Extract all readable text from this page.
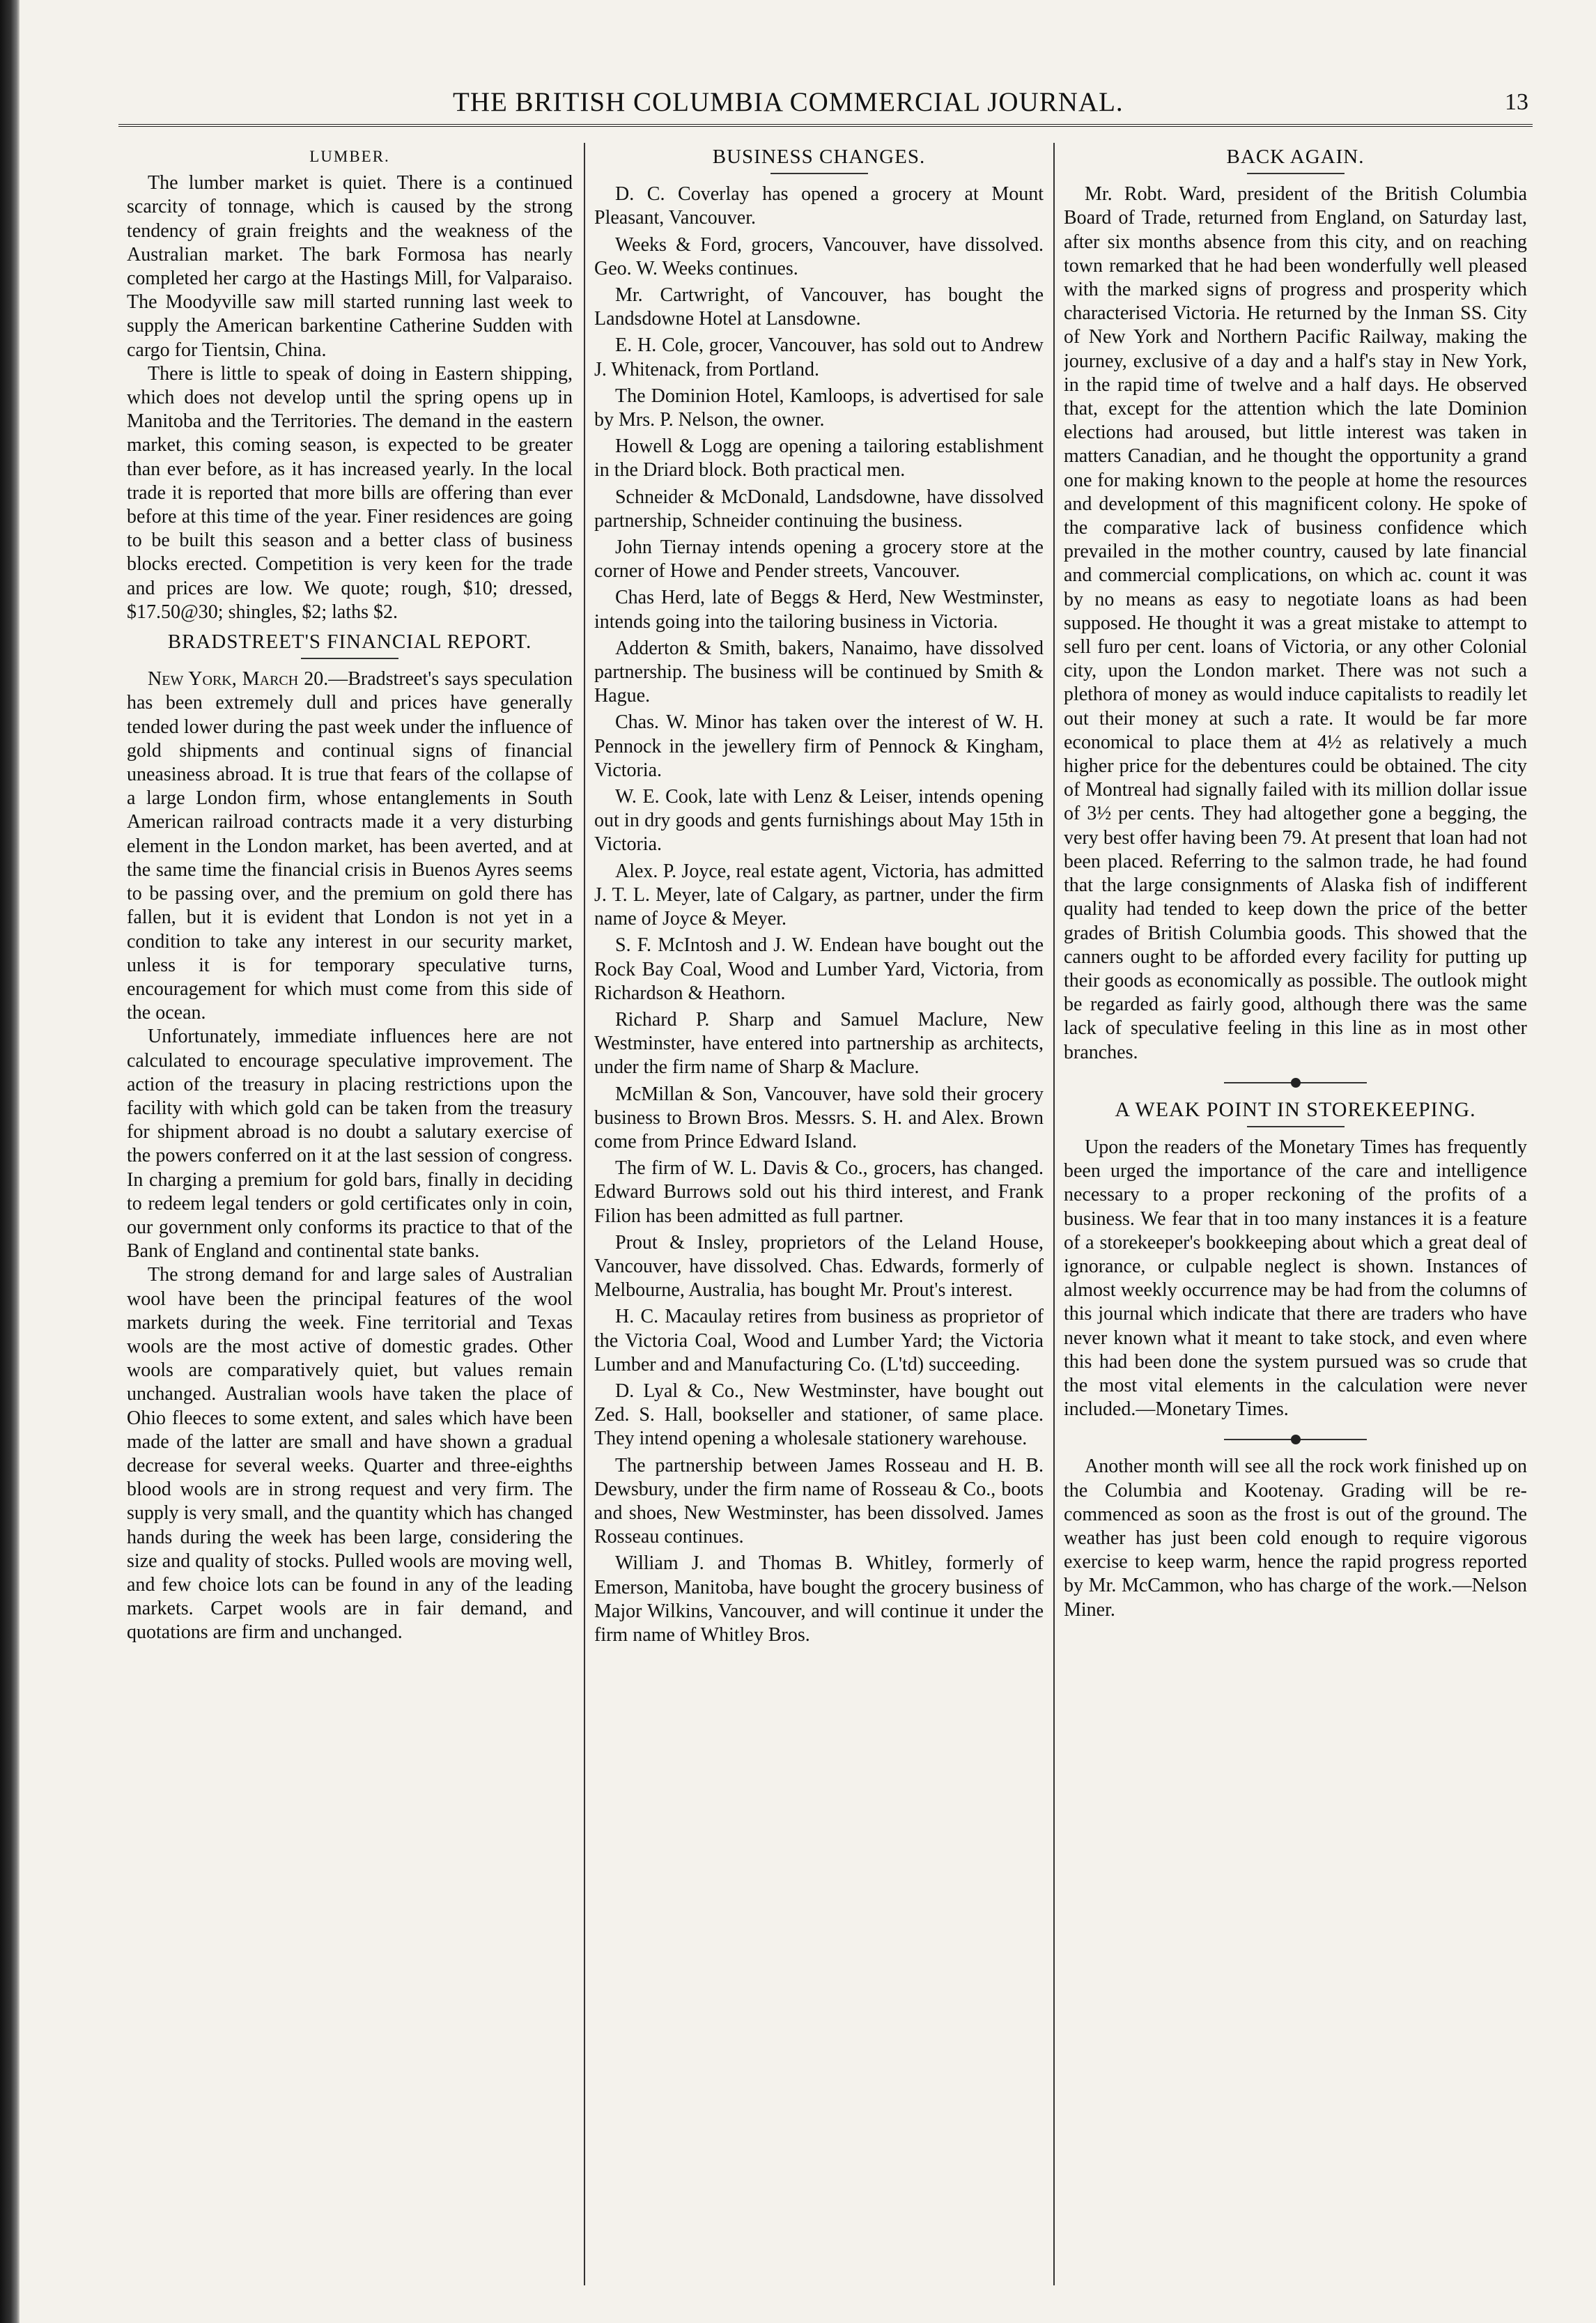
THE BRITISH COLUMBIA COMMERCIAL JOURNAL.	13
LUMBER.

The lumber market is quiet. There is a continued scarcity of tonnage, which is caused by the strong tendency of grain freights and the weakness of the Australian market. The bark Formosa has nearly completed her cargo at the Hastings Mill, for Valparaiso. The Moodyville saw mill started running last week to supply the American barkentine Catherine Sudden with cargo for Tientsin, China.

There is little to speak of doing in Eastern shipping, which does not develop until the spring opens up in Manitoba and the Territories. The demand in the eastern market, this coming season, is expected to be greater than ever before, as it has increased yearly. In the local trade it is reported that more bills are offering than ever before at this time of the year. Finer residences are going to be built this season and a better class of business blocks erected. Competition is very keen for the trade and prices are low. We quote; rough, $10; dressed, $17.50@30; shingles, $2; laths $2.

BRADSTREET'S FINANCIAL REPORT.

New York, March 20.—Bradstreet's says speculation has been extremely dull and prices have generally tended lower during the past week under the influence of gold shipments and continual signs of financial uneasiness abroad. It is true that fears of the collapse of a large London firm, whose entanglements in South American railroad contracts made it a very disturbing element in the London market, has been averted, and at the same time the financial crisis in Buenos Ayres seems to be passing over, and the premium on gold there has fallen, but it is evident that London is not yet in a condition to take any interest in our security market, unless it is for temporary speculative turns, encouragement for which must come from this side of the ocean.

Unfortunately, immediate influences here are not calculated to encourage speculative improvement. The action of the treasury in placing restrictions upon the facility with which gold can be taken from the treasury for shipment abroad is no doubt a salutary exercise of the powers conferred on it at the last session of congress. In charging a premium for gold bars, finally in deciding to redeem legal tenders or gold certificates only in coin, our government only conforms its practice to that of the Bank of England and continental state banks.

The strong demand for and large sales of Australian wool have been the principal features of the wool markets during the week. Fine territorial and Texas wools are the most active of domestic grades. Other wools are comparatively quiet, but values remain unchanged. Australian wools have taken the place of Ohio fleeces to some extent, and sales which have been made of the latter are small and have shown a gradual decrease for several weeks. Quarter and three-eighths blood wools are in strong request and very firm. The supply is very small, and the quantity which has changed hands during the week has been large, considering the size and quality of stocks. Pulled wools are moving well, and few choice lots can be found in any of the leading markets. Carpet wools are in fair demand, and quotations are firm and unchanged.

BUSINESS CHANGES.

D. C. Coverlay has opened a grocery at Mount Pleasant, Vancouver.

Weeks & Ford, grocers, Vancouver, have dissolved. Geo. W. Weeks continues.

Mr. Cartwright, of Vancouver, has bought the Landsdowne Hotel at Lansdowne.

E. H. Cole, grocer, Vancouver, has sold out to Andrew J. Whitenack, from Portland.

The Dominion Hotel, Kamloops, is advertised for sale by Mrs. P. Nelson, the owner.

Howell & Logg are opening a tailoring establishment in the Driard block. Both practical men.

Schneider & McDonald, Landsdowne, have dissolved partnership, Schneider continuing the business.

John Tiernay intends opening a grocery store at the corner of Howe and Pender streets, Vancouver.

Chas Herd, late of Beggs & Herd, New Westminster, intends going into the tailoring business in Victoria.

Adderton & Smith, bakers, Nanaimo, have dissolved partnership. The business will be continued by Smith & Hague.

Chas. W. Minor has taken over the interest of W. H. Pennock in the jewellery firm of Pennock & Kingham, Victoria.

W. E. Cook, late with Lenz & Leiser, intends opening out in dry goods and gents furnishings about May 15th in Victoria.

Alex. P. Joyce, real estate agent, Victoria, has admitted J. T. L. Meyer, late of Calgary, as partner, under the firm name of Joyce & Meyer.

S. F. McIntosh and J. W. Endean have bought out the Rock Bay Coal, Wood and Lumber Yard, Victoria, from Richardson & Heathorn.

Richard P. Sharp and Samuel Maclure, New Westminster, have entered into partnership as architects, under the firm name of Sharp & Maclure.

McMillan & Son, Vancouver, have sold their grocery business to Brown Bros. Messrs. S. H. and Alex. Brown come from Prince Edward Island.

The firm of W. L. Davis & Co., grocers, has changed. Edward Burrows sold out his third interest, and Frank Filion has been admitted as full partner.

Prout & Insley, proprietors of the Leland House, Vancouver, have dissolved. Chas. Edwards, formerly of Melbourne, Australia, has bought Mr. Prout's interest.

H. C. Macaulay retires from business as proprietor of the Victoria Coal, Wood and Lumber Yard; the Victoria Lumber and and Manufacturing Co. (L'td) succeeding.

D. Lyal & Co., New Westminster, have bought out Zed. S. Hall, bookseller and stationer, of same place. They intend opening a wholesale stationery warehouse.

The partnership between James Rosseau and H. B. Dewsbury, under the firm name of Rosseau & Co., boots and shoes, New Westminster, has been dissolved. James Rosseau continues.

William J. and Thomas B. Whitley, formerly of Emerson, Manitoba, have bought the grocery business of Major Wilkins, Vancouver, and will continue it under the firm name of Whitley Bros.

BACK AGAIN.

Mr. Robt. Ward, president of the British Columbia Board of Trade, returned from England, on Saturday last, after six months absence from this city, and on reaching town remarked that he had been wonderfully well pleased with the marked signs of progress and prosperity which characterised Victoria. He returned by the Inman SS. City of New York and Northern Pacific Railway, making the journey, exclusive of a day and a half's stay in New York, in the rapid time of twelve and a half days. He observed that, except for the attention which the late Dominion elections had aroused, but little interest was taken in matters Canadian, and he thought the opportunity a grand one for making known to the people at home the resources and development of this magnificent colony. He spoke of the comparative lack of business confidence which prevailed in the mother country, caused by late financial and commercial complications, on which ac. count it was by no means as easy to negotiate loans as had been supposed. He thought it was a great mistake to attempt to sell furo per cent. loans of Victoria, or any other Colonial city, upon the London market. There was not such a plethora of money as would induce capitalists to readily let out their money at such a rate. It would be far more economical to place them at 4½ as relatively a much higher price for the debentures could be obtained. The city of Montreal had signally failed with its million dollar issue of 3½ per cents. They had altogether gone a begging, the very best offer having been 79. At present that loan had not been placed. Referring to the salmon trade, he had found that the large consignments of Alaska fish of indifferent quality had tended to keep down the price of the better grades of British Columbia goods. This showed that the canners ought to be afforded every facility for putting up their goods as economically as possible. The outlook might be regarded as fairly good, although there was the same lack of speculative feeling in this line as in most other branches.

A WEAK POINT IN STOREKEEPING.

Upon the readers of the Monetary Times has frequently been urged the importance of the care and intelligence necessary to a proper reckoning of the profits of a business. We fear that in too many instances it is a feature of a storekeeper's bookkeeping about which a great deal of ignorance, or culpable neglect is shown. Instances of almost weekly occurrence may be had from the columns of this journal which indicate that there are traders who have never known what it meant to take stock, and even where this had been done the system pursued was so crude that the most vital elements in the calculation were never included.—Monetary Times.

Another month will see all the rock work finished up on the Columbia and Kootenay. Grading will be re-commenced as soon as the frost is out of the ground. The weather has just been cold enough to require vigorous exercise to keep warm, hence the rapid progress reported by Mr. McCammon, who has charge of the work.—Nelson Miner.
